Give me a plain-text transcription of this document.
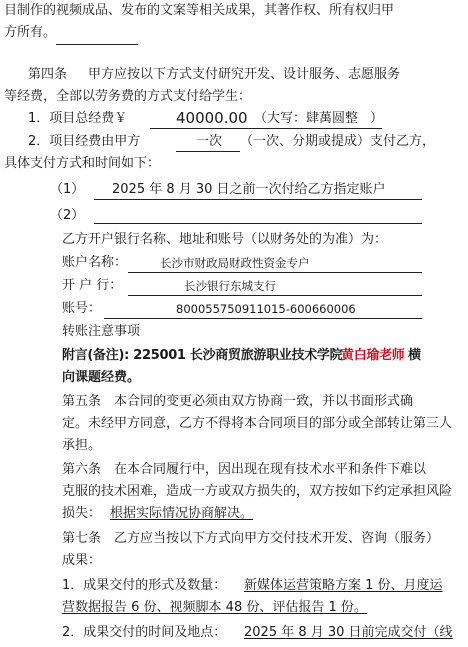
目制作的视频成品、发布的文案等相关成果，其著作权、所有权归甲
方所有。
第四条 甲方应按以下方式支付研究开发、设计服务、志愿服务
等经费，全部以劳务费的方式支付给学生：
1．项目总经费￥	40000.00 （大写： 肆萬圆整 ）
2．项目经费由甲方	一次 （一次、分期或提成）支付乙方，
具体支付方式和时间如下：
（1） 2025 年 8 月 30 日之前一次付给乙方指定账户
（2）
乙方开户银行名称、地址和账号（以财务处的为准）为：
账户名称：	长沙市财政局财政性资金专户
开 户 行：	长沙银行东城支行
账号：	800055750911015-600660006
转账注意事项
附言(备注): 225001 长沙商贸旅游职业技术学院
黄白瑜老师 横
向课题经费。
第五条 本合同的变更必须由双方协商一致，并以书面形式确
定。未经甲方同意，乙方不得将本合同项目的部分或全部转让第三人
承担。
第六条 在本合同履行中，因出现在现有技术水平和条件下难以
克服的技术困难，造成一方或双方损失的，双方按如下约定承担风险
损失： 根据实际情况协商解决。
第七条 乙方应当按以下方式向甲方交付技术开发、咨询（服务）
成果：
1．成果交付的形式及数量： 新媒体运营策略方案 1 份、月度运
营数据报告 6 份、视频脚本 48 份、评估报告 1 份。
2．成果交付的时间及地点： 2025 年 8 月 30 日前完成交付（线
